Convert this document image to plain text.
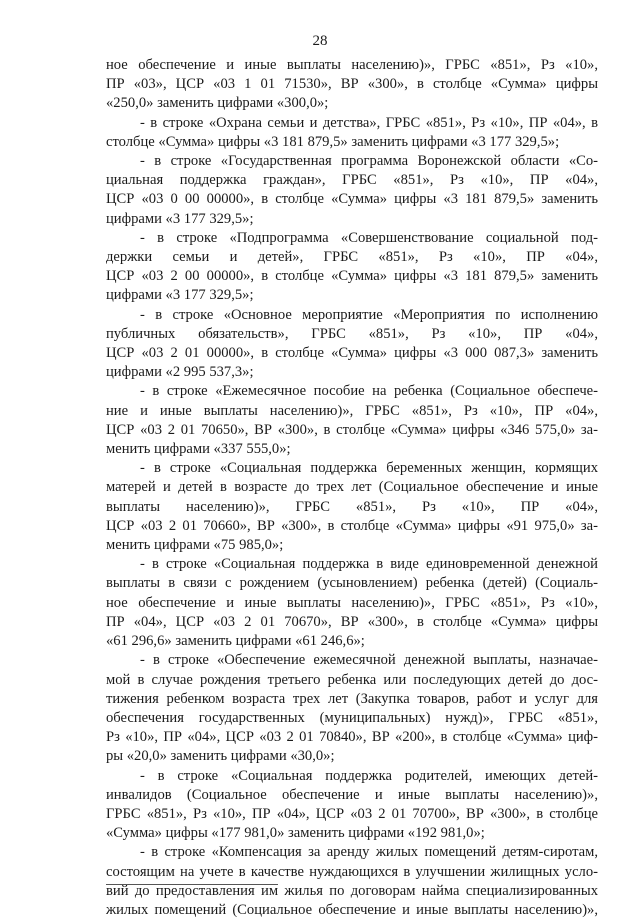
28
ное обеспечение и иные выплаты населению)», ГРБС «851», Рз «10»,
ПР «03», ЦСР «03 1 01 71530», ВР «300», в столбце «Сумма» цифры
«250,0» заменить цифрами «300,0»;
- в строке «Охрана семьи и детства», ГРБС «851», Рз «10», ПР «04», в
столбце «Сумма» цифры «3 181 879,5» заменить цифрами «3 177 329,5»;
- в строке «Государственная программа Воронежской области «Со-
циальная поддержка граждан», ГРБС «851», Рз «10», ПР «04»,
ЦСР «03 0 00 00000», в столбце «Сумма» цифры «3 181 879,5» заменить
цифрами «3 177 329,5»;
- в строке «Подпрограмма «Совершенствование социальной под-
держки семьи и детей», ГРБС «851», Рз «10», ПР «04»,
ЦСР «03 2 00 00000», в столбце «Сумма» цифры «3 181 879,5» заменить
цифрами «3 177 329,5»;
- в строке «Основное мероприятие «Мероприятия по исполнению
публичных обязательств», ГРБС «851», Рз «10», ПР «04»,
ЦСР «03 2 01 00000», в столбце «Сумма» цифры «3 000 087,3» заменить
цифрами «2 995 537,3»;
- в строке «Ежемесячное пособие на ребенка (Социальное обеспече-
ние и иные выплаты населению)», ГРБС «851», Рз «10», ПР «04»,
ЦСР «03 2 01 70650», ВР «300», в столбце «Сумма» цифры «346 575,0» за-
менить цифрами «337 555,0»;
- в строке «Социальная поддержка беременных женщин, кормящих
матерей и детей в возрасте до трех лет (Социальное обеспечение и иные
выплаты населению)», ГРБС «851», Рз «10», ПР «04»,
ЦСР «03 2 01 70660», ВР «300», в столбце «Сумма» цифры «91 975,0» за-
менить цифрами «75 985,0»;
- в строке «Социальная поддержка в виде единовременной денежной
выплаты в связи с рождением (усыновлением) ребенка (детей) (Социаль-
ное обеспечение и иные выплаты населению)», ГРБС «851», Рз «10»,
ПР «04», ЦСР «03 2 01 70670», ВР «300», в столбце «Сумма» цифры
«61 296,6» заменить цифрами «61 246,6»;
- в строке «Обеспечение ежемесячной денежной выплаты, назначае-
мой в случае рождения третьего ребенка или последующих детей до дос-
тижения ребенком возраста трех лет (Закупка товаров, работ и услуг для
обеспечения государственных (муниципальных) нужд)», ГРБС «851»,
Рз «10», ПР «04», ЦСР «03 2 01 70840», ВР «200», в столбце «Сумма» циф-
ры «20,0» заменить цифрами «30,0»;
- в строке «Социальная поддержка родителей, имеющих детей-
инвалидов (Социальное обеспечение и иные выплаты населению)»,
ГРБС «851», Рз «10», ПР «04», ЦСР «03 2 01 70700», ВР «300», в столбце
«Сумма» цифры «177 981,0» заменить цифрами «192 981,0»;
- в строке «Компенсация за аренду жилых помещений детям-сиротам,
состоящим на учете в качестве нуждающихся в улучшении жилищных усло-
вий до предоставления им жилья по договорам найма специализированных
жилых помещений (Социальное обеспечение и иные выплаты населению)»,
